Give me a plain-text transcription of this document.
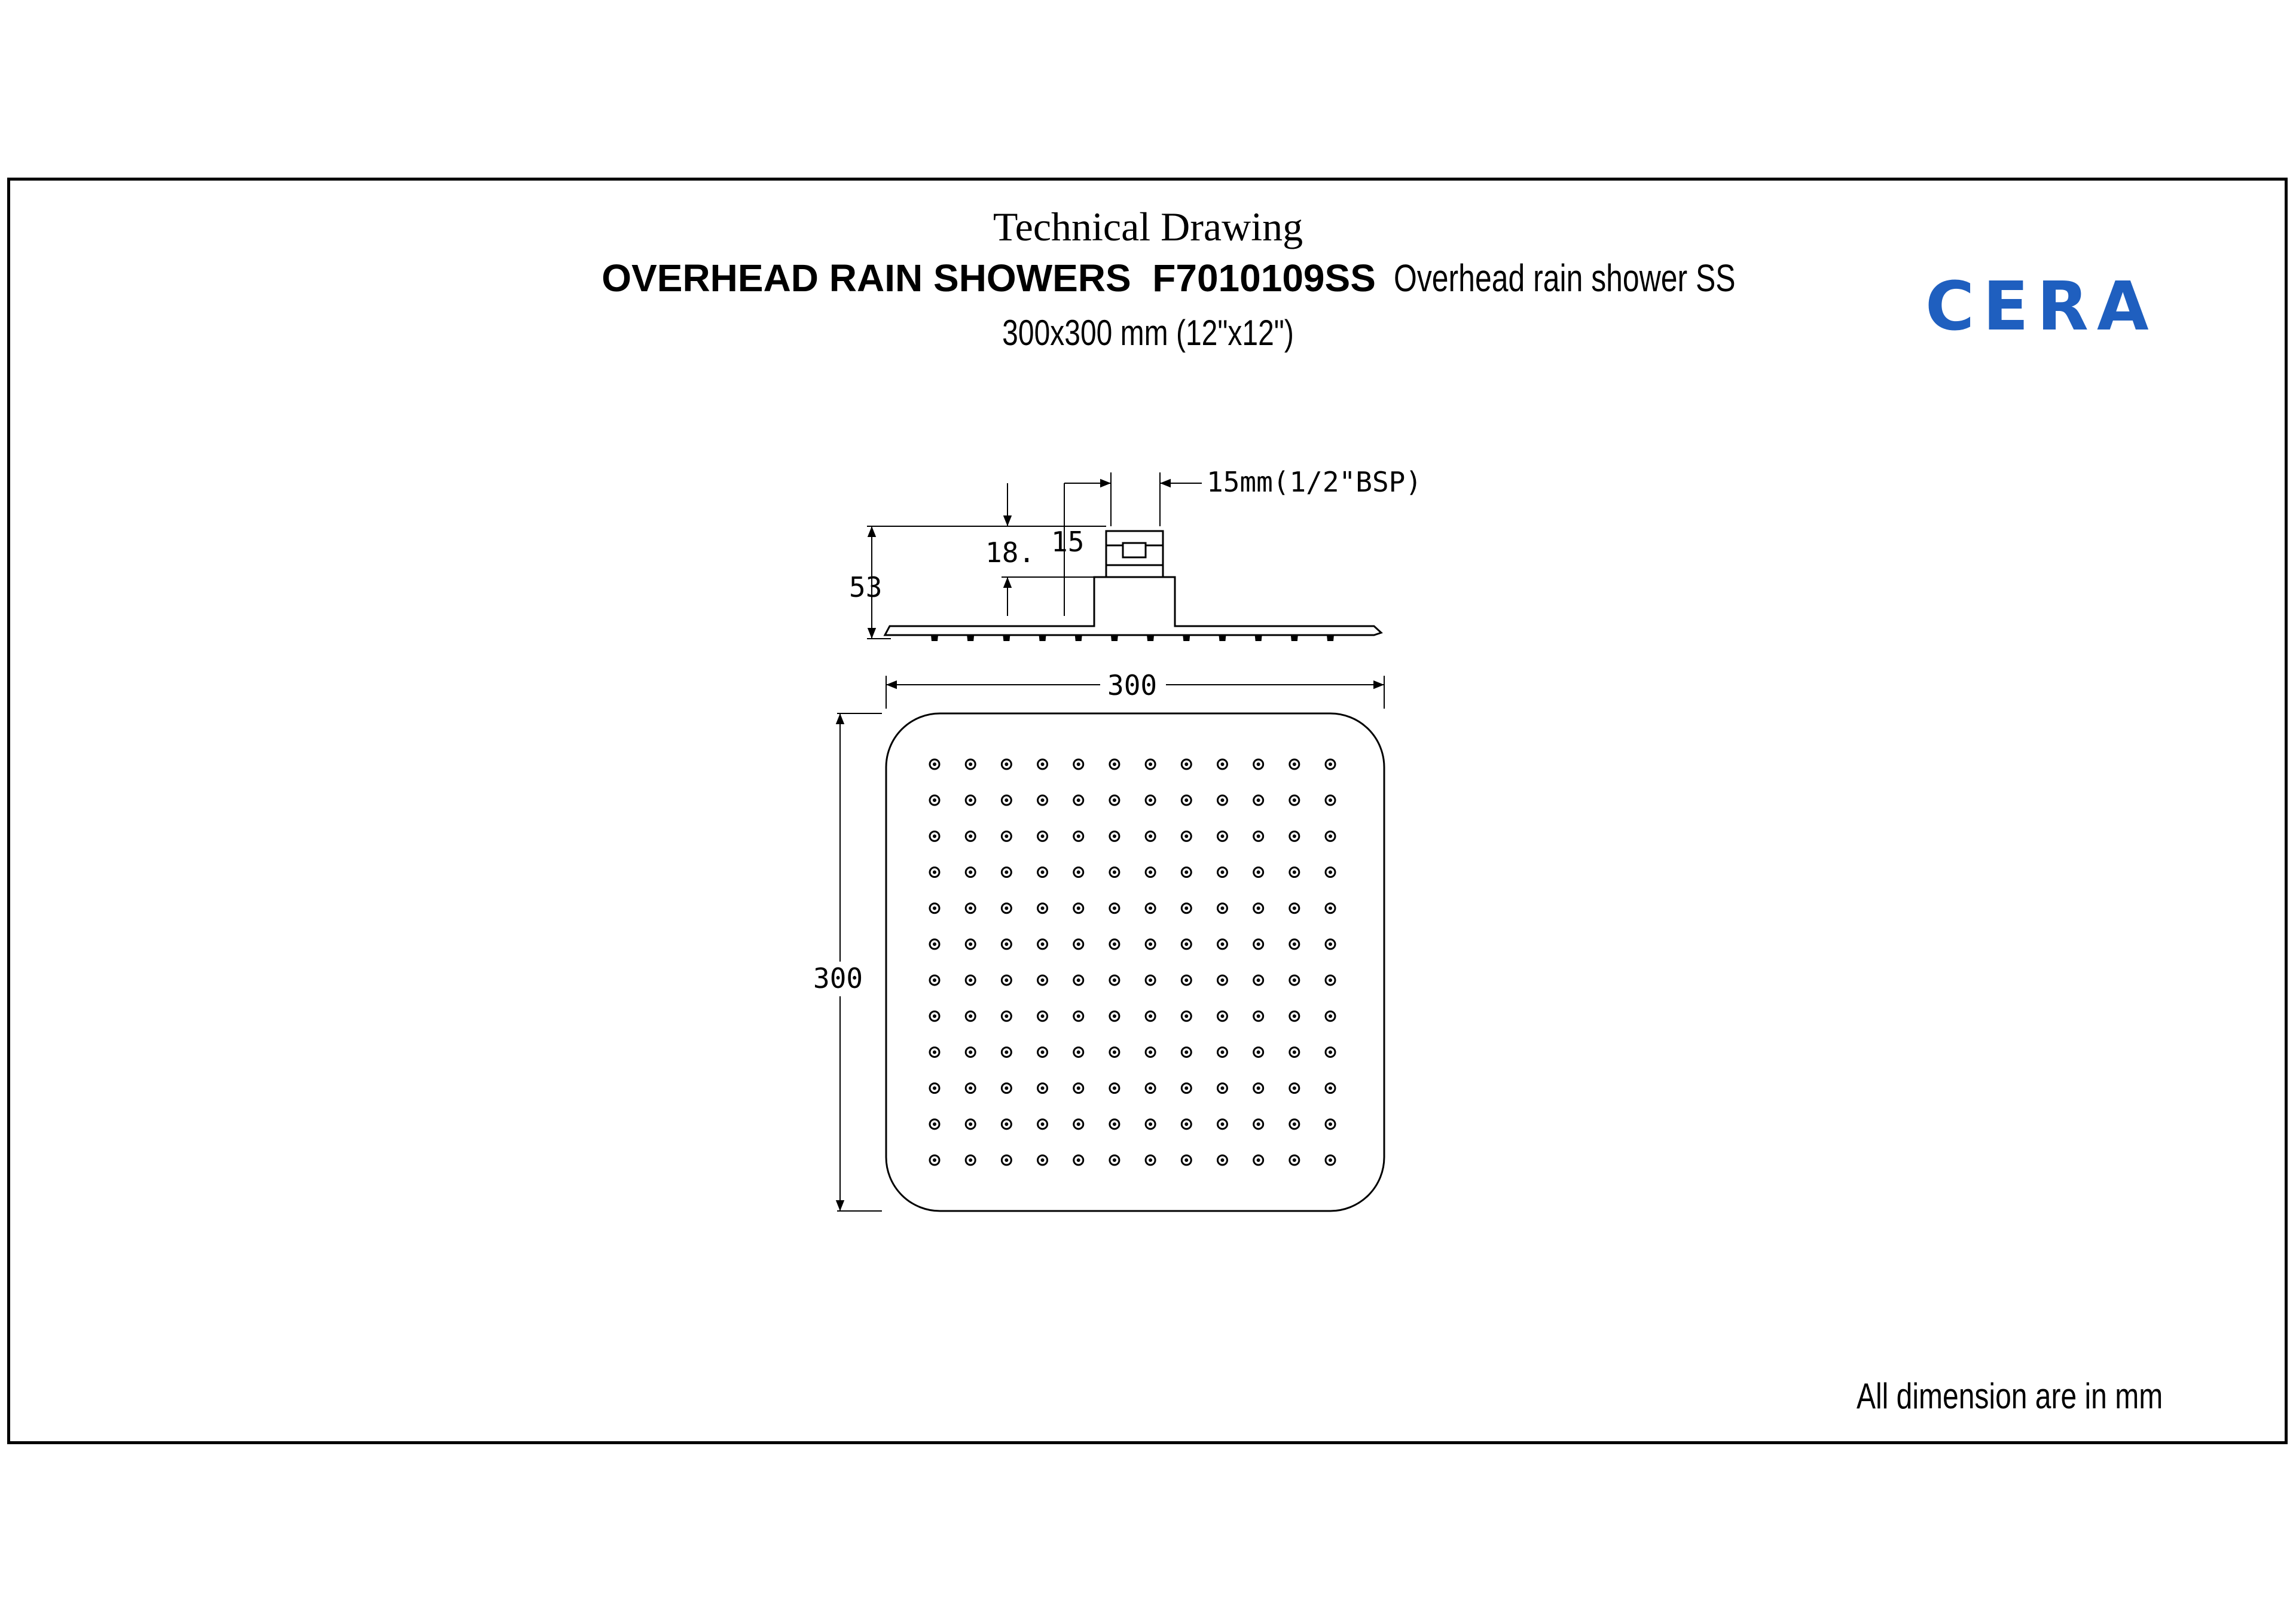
Technical Drawing
OVERHEAD RAIN SHOWERS F7010109SS Overhead rain shower SS
300x300 mm (12"x12")	CERA
15mm(1/2"BSP)
53
18. 15
300
300
All dimension are in mm
